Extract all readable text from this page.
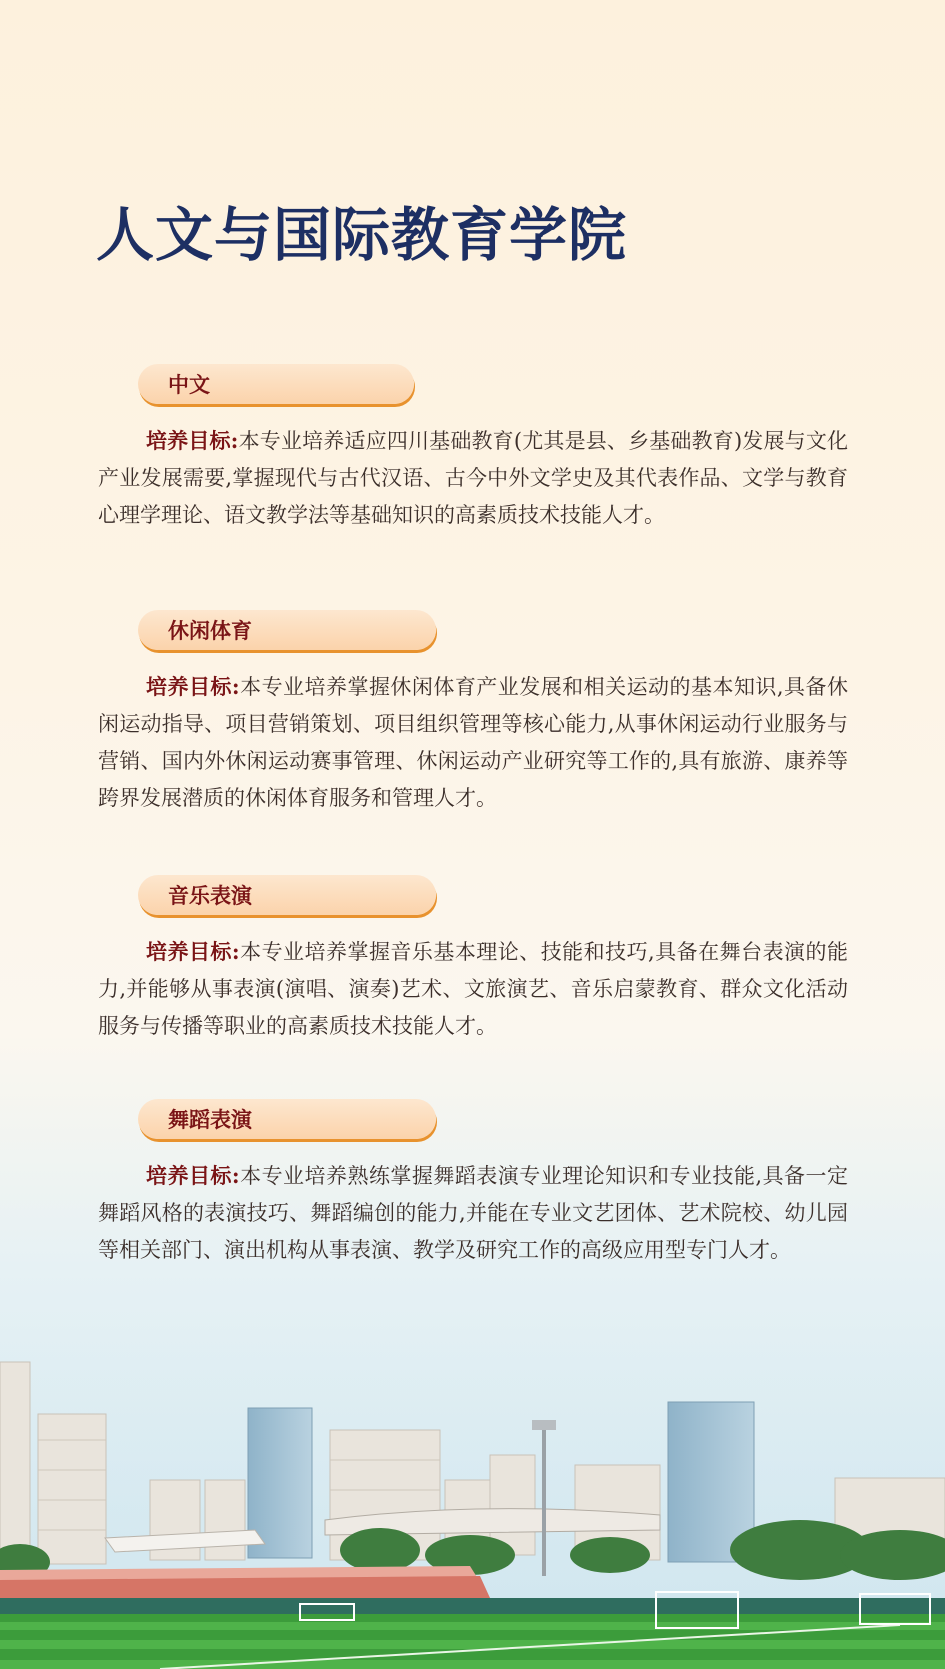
人文与国际教育学院
中文

培养目标:本专业培养适应四川基础教育(尤其是县、乡基础教育)发展与文化产业发展需要,掌握现代与古代汉语、古今中外文学史及其代表作品、文学与教育心理学理论、语文教学法等基础知识的高素质技术技能人才。

休闲体育

培养目标:本专业培养掌握休闲体育产业发展和相关运动的基本知识,具备休闲运动指导、项目营销策划、项目组织管理等核心能力,从事休闲运动行业服务与营销、国内外休闲运动赛事管理、休闲运动产业研究等工作的,具有旅游、康养等跨界发展潜质的休闲体育服务和管理人才。

音乐表演

培养目标:本专业培养掌握音乐基本理论、技能和技巧,具备在舞台表演的能力,并能够从事表演(演唱、演奏)艺术、文旅演艺、音乐启蒙教育、群众文化活动服务与传播等职业的高素质技术技能人才。

舞蹈表演

培养目标:本专业培养熟练掌握舞蹈表演专业理论知识和专业技能,具备一定舞蹈风格的表演技巧、舞蹈编创的能力,并能在专业文艺团体、艺术院校、幼儿园等相关部门、演出机构从事表演、教学及研究工作的高级应用型专门人才。
